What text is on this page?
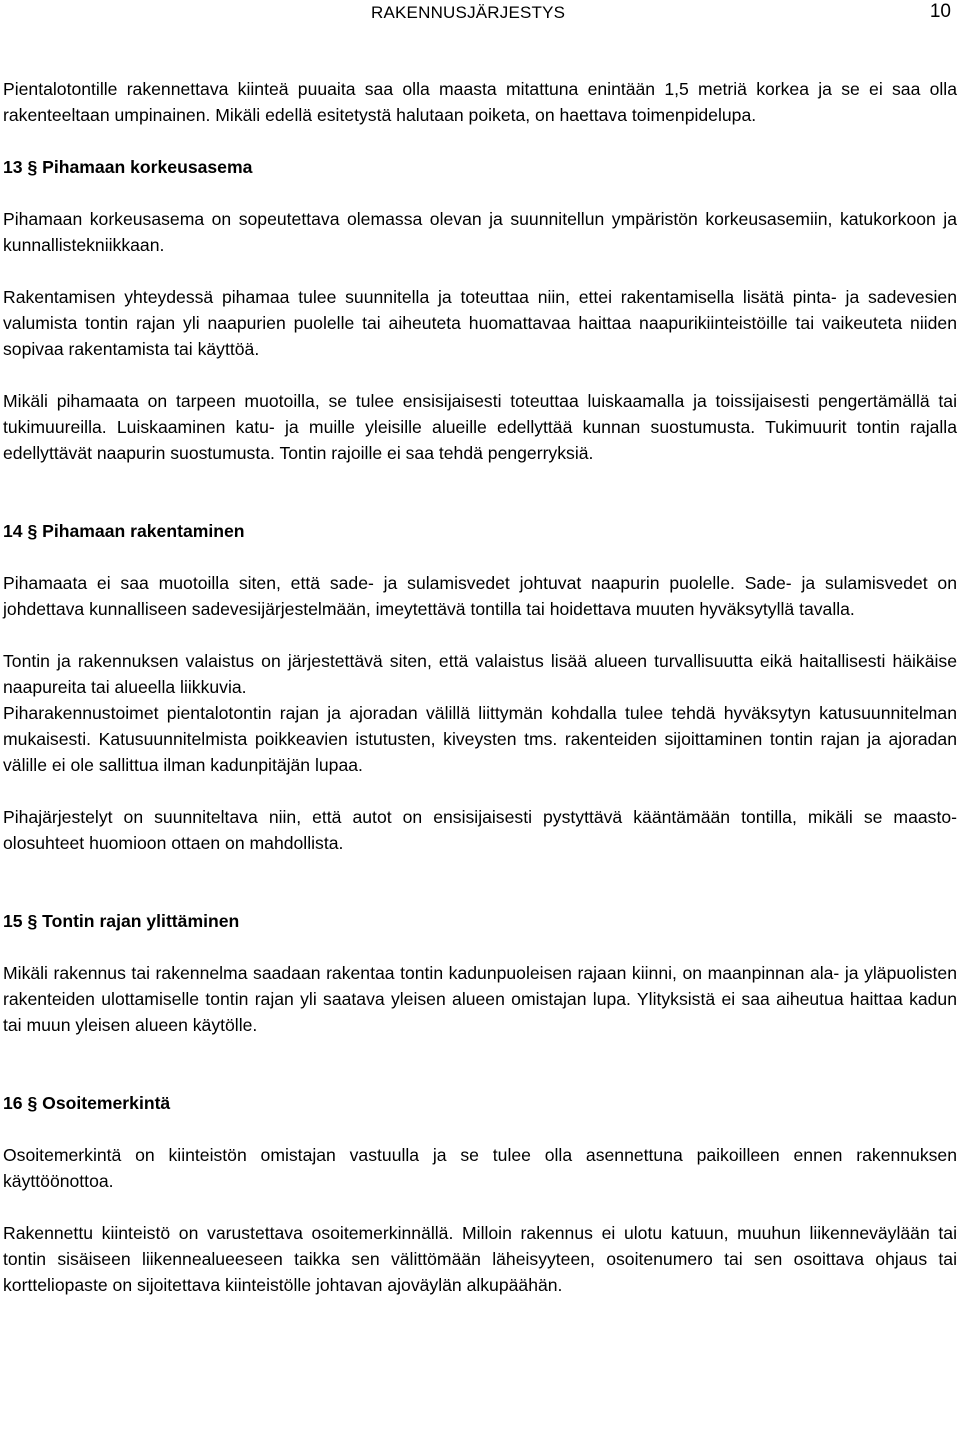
RAKENNUSJÄRJESTYS	10

Pientalotontille rakennettava kiinteä puuaita saa olla maasta mitattuna enintään 1,5 metriä korkea ja se ei saa olla rakenteeltaan umpinainen. Mikäli edellä esitetystä halutaan poiketa, on haettava toimenpidelupa.

13 § Pihamaan korkeusasema

Pihamaan korkeusasema on sopeutettava olemassa olevan ja suunnitellun ympäristön korkeusasemiin, katukorkoon ja kunnallistekniikkaan.

Rakentamisen yhteydessä pihamaa tulee suunnitella ja toteuttaa niin, ettei rakentamisella lisätä pinta- ja sadevesien valumista tontin rajan yli naapurien puolelle tai aiheuteta huomattavaa haittaa naapurikiinteistöille tai vaikeuteta niiden sopivaa rakentamista tai käyttöä.

Mikäli pihamaata on tarpeen muotoilla, se tulee ensisijaisesti toteuttaa luiskaamalla ja toissijaisesti pengertämällä tai tukimuureilla. Luiskaaminen katu- ja muille yleisille alueille edellyttää kunnan suostumusta. Tukimuurit tontin rajalla edellyttävät naapurin suostumusta. Tontin rajoille ei saa tehdä pengerryksiä.

14 § Pihamaan rakentaminen

Pihamaata ei saa muotoilla siten, että sade- ja sulamisvedet johtuvat naapurin puolelle. Sade- ja sulamisvedet on johdettava kunnalliseen sadevesijärjestelmään, imeytettävä tontilla tai hoidettava muuten hyväksytyllä tavalla.

Tontin ja rakennuksen valaistus on järjestettävä siten, että valaistus lisää alueen turvallisuutta eikä haitallisesti häikäise naapureita tai alueella liikkuvia.

Piharakennustoimet pientalotontin rajan ja ajoradan välillä liittymän kohdalla tulee tehdä hyväksytyn katusuunnitelman mukaisesti. Katusuunnitelmista poikkeavien istutusten, kiveysten tms. rakenteiden sijoittaminen tontin rajan ja ajoradan välille ei ole sallittua ilman kadunpitäjän lupaa.

Pihajärjestelyt on suunniteltava niin, että autot on ensisijaisesti pystyttävä kääntämään tontilla, mikäli se maasto-olosuhteet huomioon ottaen on mahdollista.

15 § Tontin rajan ylittäminen

Mikäli rakennus tai rakennelma saadaan rakentaa tontin kadunpuoleisen rajaan kiinni, on maanpinnan ala- ja yläpuolisten rakenteiden ulottamiselle tontin rajan yli saatava yleisen alueen omistajan lupa. Ylityksistä ei saa aiheutua haittaa kadun tai muun yleisen alueen käytölle.

16 § Osoitemerkintä

Osoitemerkintä on kiinteistön omistajan vastuulla ja se tulee olla asennettuna paikoilleen ennen rakennuksen käyttöönottoa.

Rakennettu kiinteistö on varustettava osoitemerkinnällä. Milloin rakennus ei ulotu katuun, muuhun liikenneväylään tai tontin sisäiseen liikennealueeseen taikka sen välittömään läheisyyteen, osoitenumero tai sen osoittava ohjaus tai kortteliopaste on sijoitettava kiinteistölle johtavan ajoväylän alkupäähän.
